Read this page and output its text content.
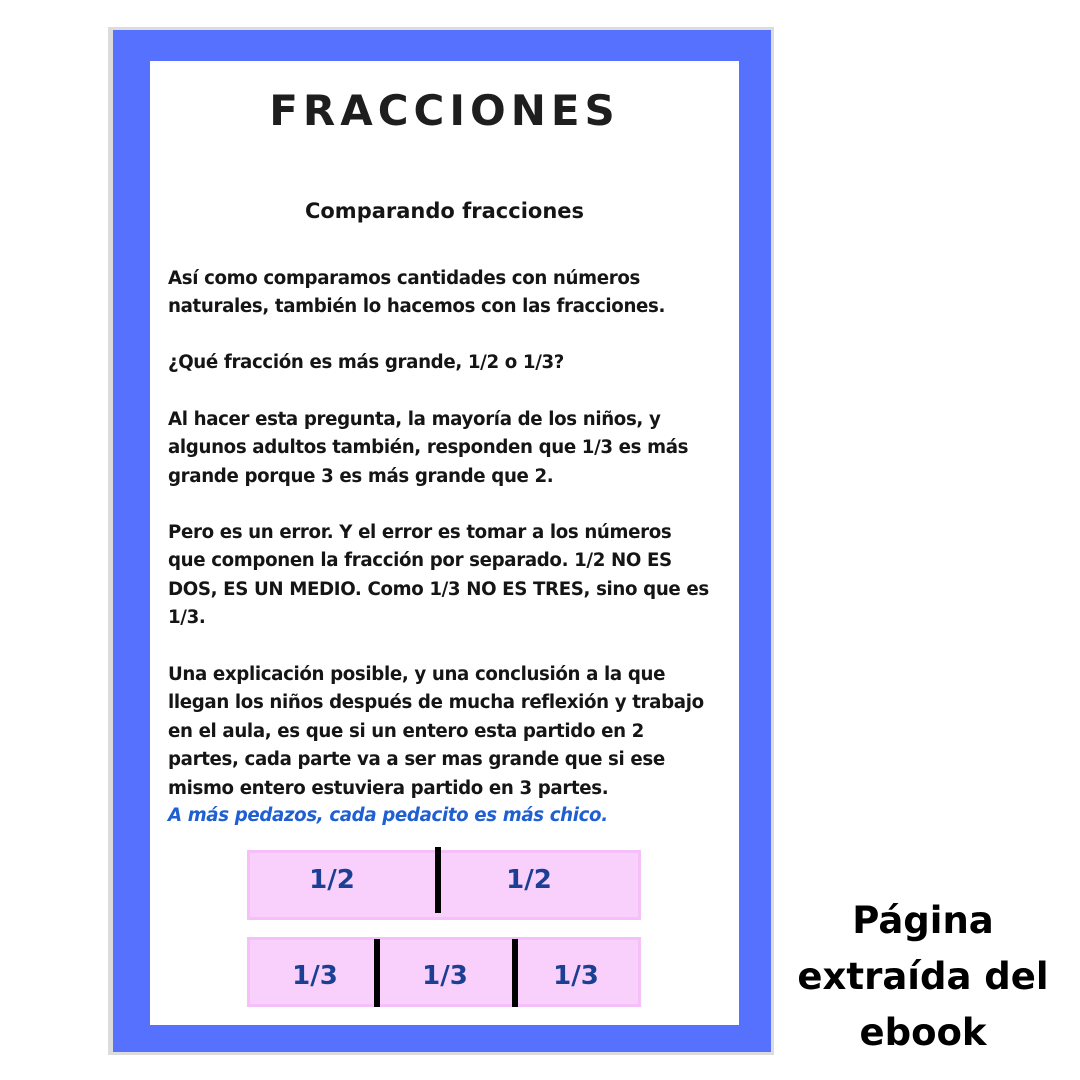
FRACCIONES
Comparando fracciones

Así como comparamos cantidades con números
naturales, también lo hacemos con las fracciones.

¿Qué fracción es más grande, 1/2 o 1/3?

Al hacer esta pregunta, la mayoría de los niños, y
algunos adultos también, responden que 1/3 es más
grande porque 3 es más grande que 2.

Pero es un error. Y el error es tomar a los números
que componen la fracción por separado. 1/2 NO ES
DOS, ES UN MEDIO. Como 1/3 NO ES TRES, sino que es
1/3.

Una explicación posible, y una conclusión a la que
llegan los niños después de mucha reflexión y trabajo
en el aula, es que si un entero esta partido en 2
partes, cada parte va a ser mas grande que si ese
mismo entero estuviera partido en 3 partes.

A más pedazos, cada pedacito es más chico.

1/2	1/2
1/3	1/3	1/3

Página
extraída del
ebook
